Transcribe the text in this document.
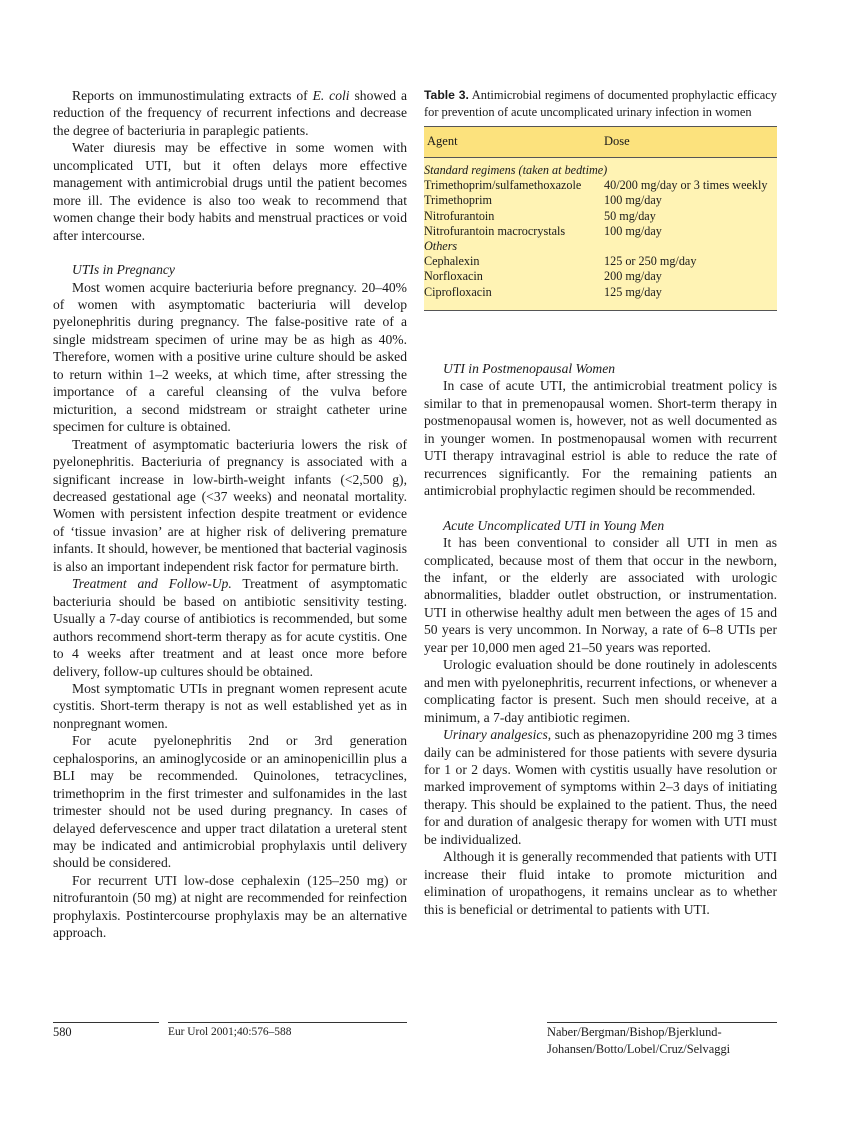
Reports on immunostimulating extracts of E. coli showed a reduction of the frequency of recurrent infections and decrease the degree of bacteriuria in paraplegic patients.

Water diuresis may be effective in some women with uncomplicated UTI, but it often delays more effective management with antimicrobial drugs until the patient becomes more ill. The evidence is also too weak to recommend that women change their body habits and menstrual practices or void after intercourse.

UTIs in Pregnancy

Most women acquire bacteriuria before pregnancy. 20–40% of women with asymptomatic bacteriuria will develop pyelonephritis during pregnancy. The false-positive rate of a single midstream specimen of urine may be as high as 40%. Therefore, women with a positive urine culture should be asked to return within 1–2 weeks, at which time, after stressing the importance of a careful cleansing of the vulva before micturition, a second midstream or straight catheter urine specimen for culture is obtained.

Treatment of asymptomatic bacteriuria lowers the risk of pyelonephritis. Bacteriuria of pregnancy is associated with a significant increase in low-birth-weight infants (<2,500 g), decreased gestational age (<37 weeks) and neonatal mortality. Women with persistent infection despite treatment or evidence of ‘tissue invasion’ are at higher risk of delivering premature infants. It should, however, be mentioned that bacterial vaginosis is also an important independent risk factor for permature birth.

Treatment and Follow-Up. Treatment of asymptomatic bacteriuria should be based on antibiotic sensitivity testing. Usually a 7-day course of antibiotics is recommended, but some authors recommend short-term therapy as for acute cystitis. One to 4 weeks after treatment and at least once more before delivery, follow-up cultures should be obtained.

Most symptomatic UTIs in pregnant women represent acute cystitis. Short-term therapy is not as well established yet as in nonpregnant women.

For acute pyelonephritis 2nd or 3rd generation cephalosporins, an aminoglycoside or an aminopenicillin plus a BLI may be recommended. Quinolones, tetracyclines, trimethoprim in the first trimester and sulfonamides in the last trimester should not be used during pregnancy. In cases of delayed defervescence and upper tract dilatation a ureteral stent may be indicated and antimicrobial prophylaxis until delivery should be considered.

For recurrent UTI low-dose cephalexin (125–250 mg) or nitrofurantoin (50 mg) at night are recommended for reinfection prophylaxis. Postintercourse prophylaxis may be an alternative approach.

Table 3. Antimicrobial regimens of documented prophylactic efficacy for prevention of acute uncomplicated urinary infection in women
Agent	Dose
Standard regimens (taken at bedtime)
Trimethoprim/sulfamethoxazole 40/200 mg/day or 3 times weekly
Trimethoprim	100 mg/day
Nitrofurantoin	50 mg/day
Nitrofurantoin macrocrystals	100 mg/day
Others
Cephalexin	125 or 250 mg/day
Norfloxacin	200 mg/day
Ciprofloxacin	125 mg/day

UTI in Postmenopausal Women

In case of acute UTI, the antimicrobial treatment policy is similar to that in premenopausal women. Short-term therapy in postmenopausal women is, however, not as well documented as in younger women. In postmenopausal women with recurrent UTI therapy intravaginal estriol is able to reduce the rate of recurrences significantly. For the remaining patients an antimicrobial prophylactic regimen should be recommended.

Acute Uncomplicated UTI in Young Men

It has been conventional to consider all UTI in men as complicated, because most of them that occur in the newborn, the infant, or the elderly are associated with urologic abnormalities, bladder outlet obstruction, or instrumentation. UTI in otherwise healthy adult men between the ages of 15 and 50 years is very uncommon. In Norway, a rate of 6–8 UTIs per year per 10,000 men aged 21–50 years was reported.

Urologic evaluation should be done routinely in adolescents and men with pyelonephritis, recurrent infections, or whenever a complicating factor is present. Such men should receive, at a minimum, a 7-day antibiotic regimen.

Urinary analgesics, such as phenazopyridine 200 mg 3 times daily can be administered for those patients with severe dysuria for 1 or 2 days. Women with cystitis usually have resolution or marked improvement of symptoms within 2–3 days of initiating therapy. This should be explained to the patient. Thus, the need for and duration of analgesic therapy for women with UTI must be individualized.

Although it is generally recommended that patients with UTI increase their fluid intake to promote micturition and elimination of uropathogens, it remains unclear as to whether this is beneficial or detrimental to patients with UTI.

580	Eur Urol 2001;40:576–588	Naber/Bergman/Bishop/Bjerklund-
Johansen/Botto/Lobel/Cruz/Selvaggi
